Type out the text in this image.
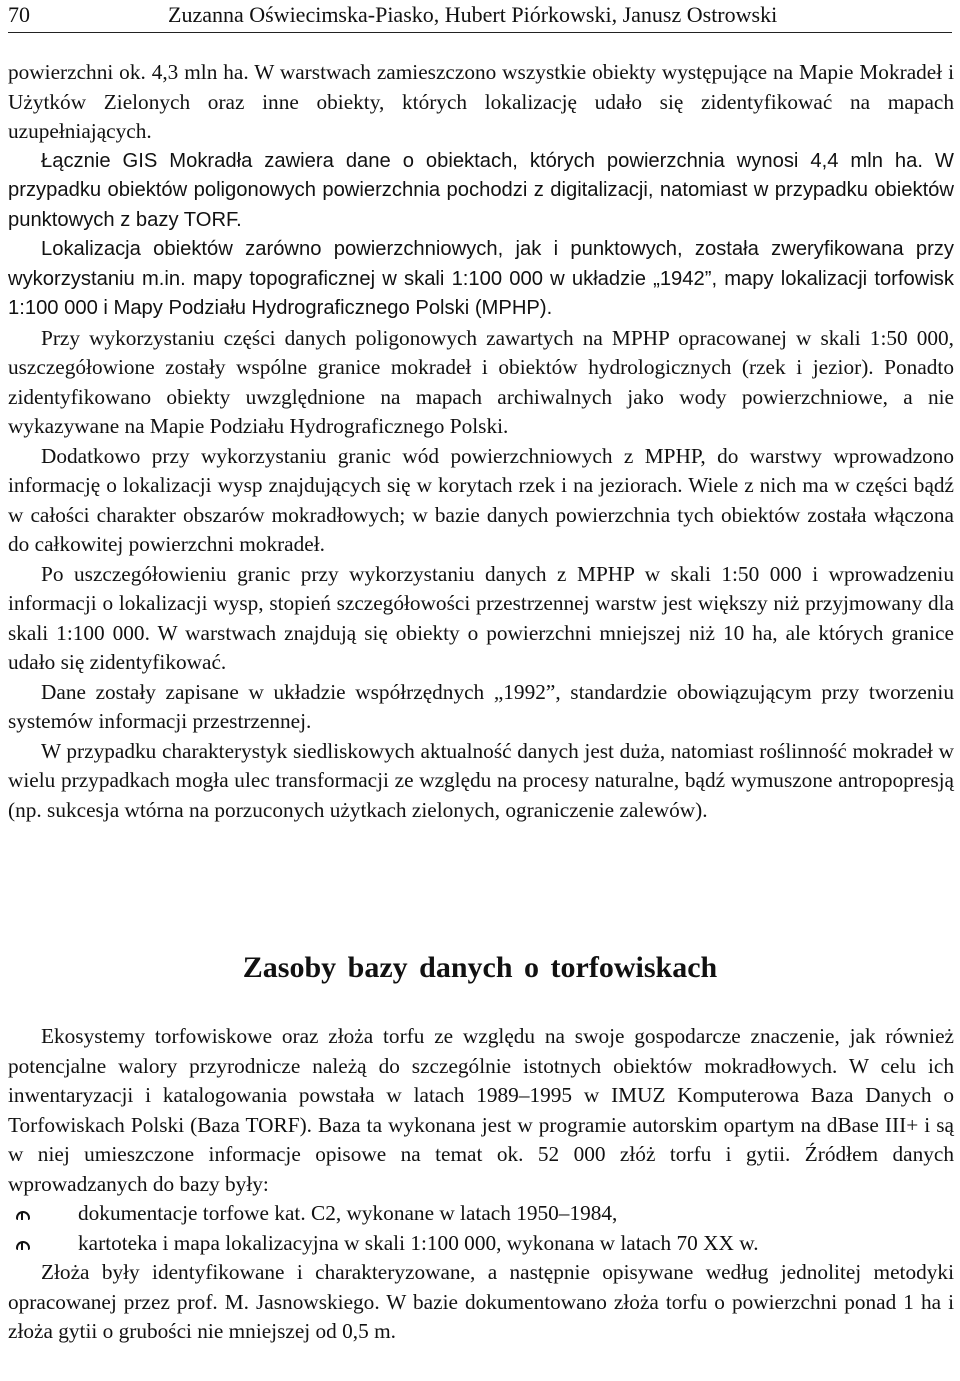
70	Zuzanna Oświecimska-Piasko, Hubert Piórkowski, Janusz Ostrowski

powierzchni ok. 4,3 mln ha. W warstwach zamieszczono wszystkie obiekty występujące na Mapie Mokradeł i Użytków Zielonych oraz inne obiekty, których lokalizację udało się zidentyfikować na mapach uzupełniających.

Łącznie GIS Mokradła zawiera dane o obiektach, których powierzchnia wynosi 4,4 mln ha. W przypadku obiektów poligonowych powierzchnia pochodzi z digitalizacji, natomiast w przypadku obiektów punktowych z bazy TORF.

Lokalizacja obiektów zarówno powierzchniowych, jak i punktowych, została zweryfikowana przy wykorzystaniu m.in. mapy topograficznej w skali 1:100 000 w układzie „1942”, mapy lokalizacji torfowisk 1:100 000 i Mapy Podziału Hydrograficznego Polski (MPHP).

Przy wykorzystaniu części danych poligonowych zawartych na MPHP opracowanej w skali 1:50 000, uszczegółowione zostały wspólne granice mokradeł i obiektów hydrologicznych (rzek i jezior). Ponadto zidentyfikowano obiekty uwzględnione na mapach archiwalnych jako wody powierzchniowe, a nie wykazywane na Mapie Podziału Hydrograficznego Polski.

Dodatkowo przy wykorzystaniu granic wód powierzchniowych z MPHP, do warstwy wprowadzono informację o lokalizacji wysp znajdujących się w korytach rzek i na jeziorach. Wiele z nich ma w części bądź w całości charakter obszarów mokradłowych; w bazie danych powierzchnia tych obiektów została włączona do całkowitej powierzchni mokradeł.

Po uszczegółowieniu granic przy wykorzystaniu danych z MPHP w skali 1:50 000 i wprowadzeniu informacji o lokalizacji wysp, stopień szczegółowości przestrzennej warstw jest większy niż przyjmowany dla skali 1:100 000. W warstwach znajdują się obiekty o powierzchni mniejszej niż 10 ha, ale których granice udało się zidentyfikować.

Dane zostały zapisane w układzie współrzędnych „1992”, standardzie obowiązującym przy tworzeniu systemów informacji przestrzennej.

W przypadku charakterystyk siedliskowych aktualność danych jest duża, natomiast roślinność mokradeł w wielu przypadkach mogła ulec transformacji ze względu na procesy naturalne, bądź wymuszone antropopresją (np. sukcesja wtórna na porzuconych użytkach zielonych, ograniczenie zalewów).

Zasoby bazy danych o torfowiskach

Ekosystemy torfowiskowe oraz złoża torfu ze względu na swoje gospodarcze znaczenie, jak również potencjalne walory przyrodnicze należą do szczególnie istotnych obiektów mokradłowych. W celu ich inwentaryzacji i katalogowania powstała w latach 1989–1995 w IMUZ Komputerowa Baza Danych o Torfowiskach Polski (Baza TORF). Baza ta wykonana jest w programie autorskim opartym na dBase III+ i są w niej umieszczone informacje opisowe na temat ok. 52 000 złóż torfu i gytii. Źródłem danych wprowadzanych do bazy były:

dokumentacje torfowe kat. C2, wykonane w latach 1950–1984,
kartoteka i mapa lokalizacyjna w skali 1:100 000, wykonana w latach 70 XX w.

Złoża były identyfikowane i charakteryzowane, a następnie opisywane według jednolitej metodyki opracowanej przez prof. M. Jasnowskiego. W bazie dokumentowano złoża torfu o powierzchni ponad 1 ha i złoża gytii o grubości nie mniejszej od 0,5 m.
